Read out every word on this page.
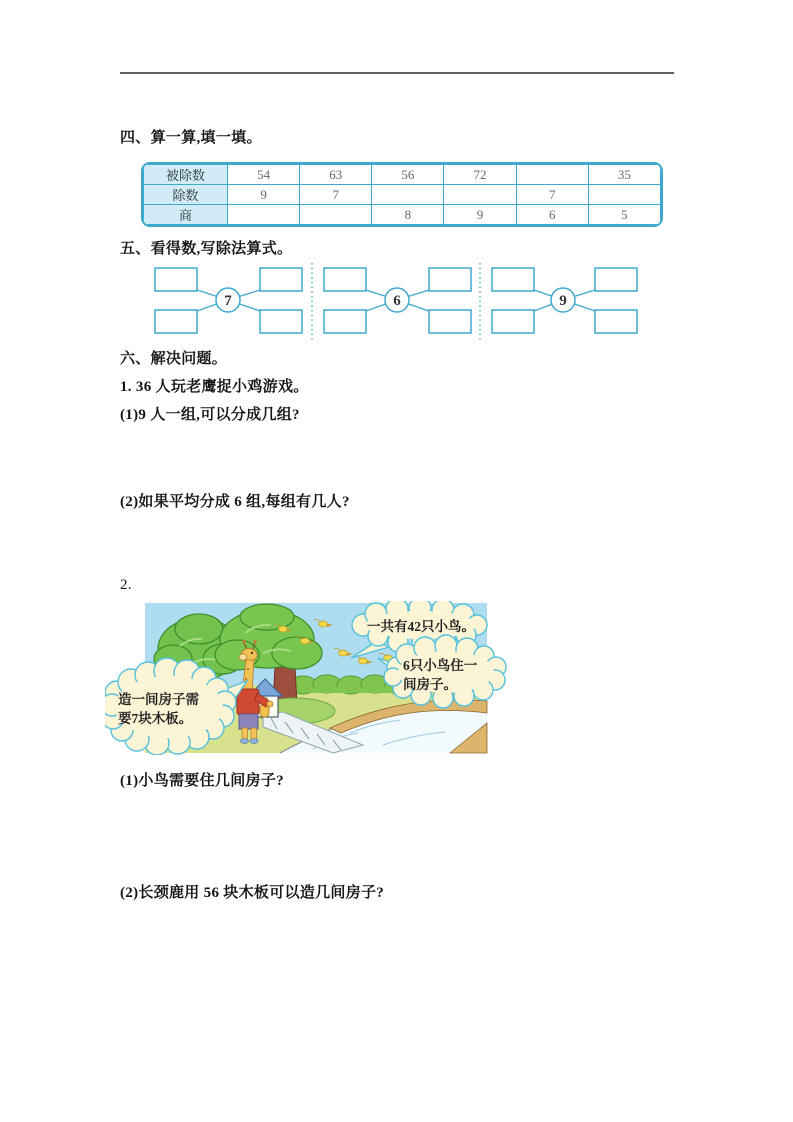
四、算一算,填一填。
被除数	54	63	56	72		35
除数	9	7			7	
商			8	9	6	5
五、看得数,写除法算式。
7	6	9
六、解决问题。
1. 36 人玩老鹰捉小鸡游戏。
(1)9 人一组,可以分成几组?
(2)如果平均分成 6 组,每组有几人?
2.
一共有42只小鸟。
6只小鸟住一
间房子。
造一间房子需
要7块木板。
(1)小鸟需要住几间房子?
(2)长颈鹿用 56 块木板可以造几间房子?
